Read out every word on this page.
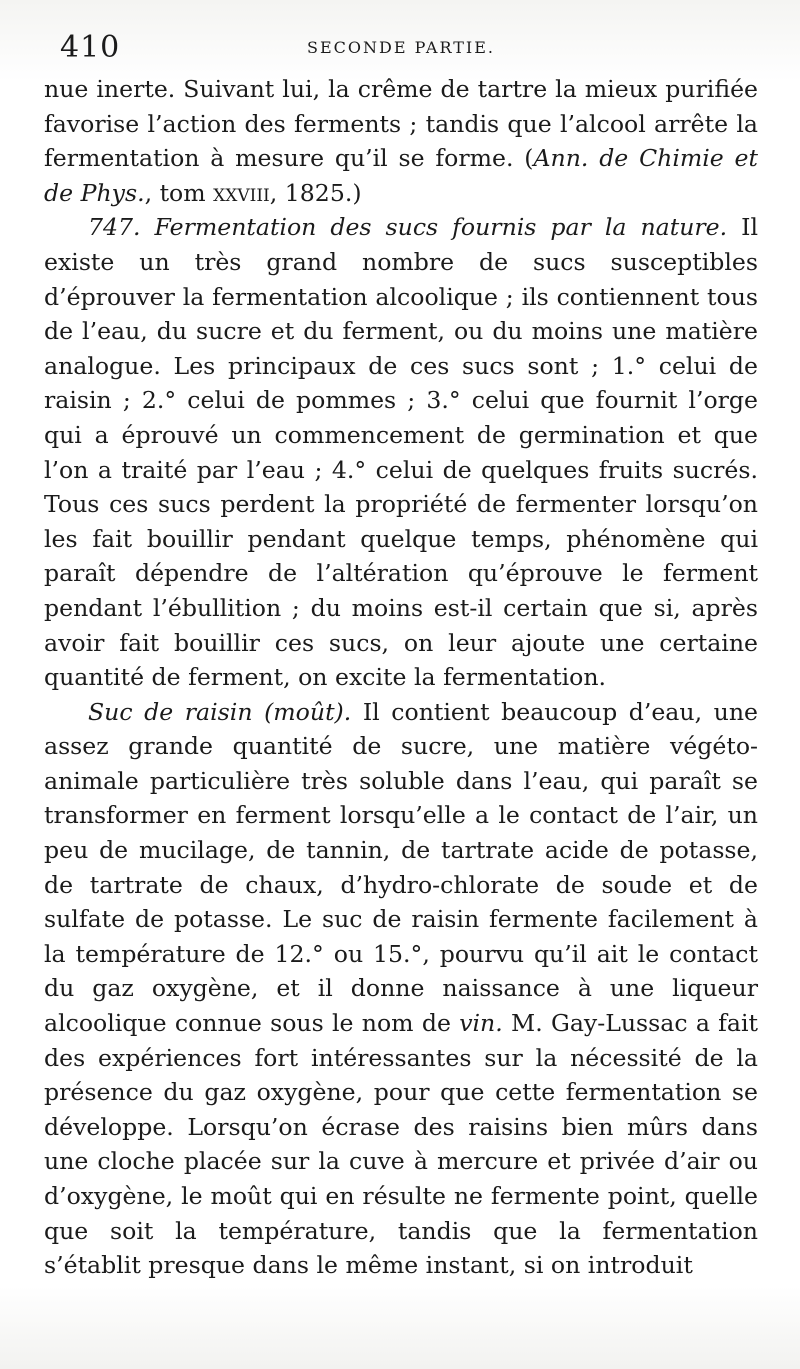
410	SECONDE PARTIE.

nue inerte. Suivant lui, la crême de tartre la mieux purifiée favorise l’action des ferments ; tandis que l’alcool arrête la fermentation à mesure qu’il se forme. (Ann. de Chimie et de Phys., tom xxviii, 1825.)

747. Fermentation des sucs fournis par la nature. Il existe un très grand nombre de sucs susceptibles d’éprouver la fermentation alcoolique ; ils contiennent tous de l’eau, du sucre et du ferment, ou du moins une matière analogue. Les principaux de ces sucs sont ; 1.° celui de raisin ; 2.° celui de pommes ; 3.° celui que fournit l’orge qui a éprouvé un commencement de germination et que l’on a traité par l’eau ; 4.° celui de quelques fruits sucrés. Tous ces sucs perdent la propriété de fermenter lorsqu’on les fait bouillir pendant quelque temps, phénomène qui paraît dépendre de l’altération qu’éprouve le ferment pendant l’ébullition ; du moins est-il certain que si, après avoir fait bouillir ces sucs, on leur ajoute une certaine quantité de ferment, on excite la fermentation.

Suc de raisin (moût). Il contient beaucoup d’eau, une assez grande quantité de sucre, une matière végéto-animale particulière très soluble dans l’eau, qui paraît se transformer en ferment lorsqu’elle a le contact de l’air, un peu de mucilage, de tannin, de tartrate acide de potasse, de tartrate de chaux, d’hydro-chlorate de soude et de sulfate de potasse. Le suc de raisin fermente facilement à la température de 12.° ou 15.°, pourvu qu’il ait le contact du gaz oxygène, et il donne naissance à une liqueur alcoolique connue sous le nom de vin. M. Gay-Lussac a fait des expériences fort intéressantes sur la nécessité de la présence du gaz oxygène, pour que cette fermentation se développe. Lorsqu’on écrase des raisins bien mûrs dans une cloche placée sur la cuve à mercure et privée d’air ou d’oxygène, le moût qui en résulte ne fermente point, quelle que soit la température, tandis que la fermentation s’établit presque dans le même instant, si on introduit
